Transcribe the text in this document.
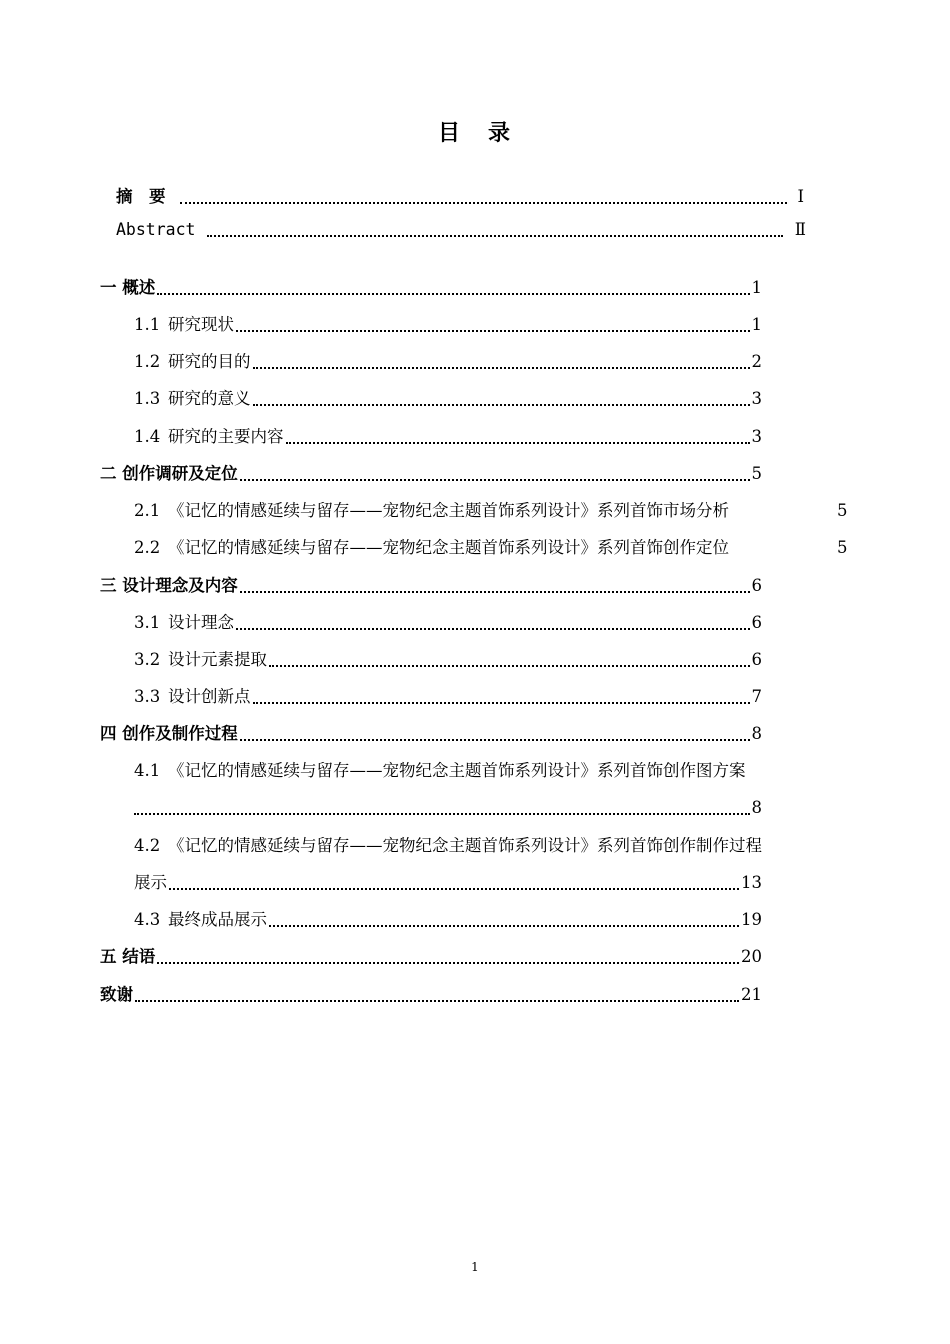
目 录
摘　要	Ⅰ
Abstract	Ⅱ
一 概述	1
1.1 研究现状	1
1.2 研究的目的	2
1.3 研究的意义	3
1.4 研究的主要内容	3
二 创作调研及定位	5
2.1 《记忆的情感延续与留存——宠物纪念主题首饰系列设计》系列首饰市场分析	5
2.2 《记忆的情感延续与留存——宠物纪念主题首饰系列设计》系列首饰创作定位	5
三 设计理念及内容	6
3.1 设计理念	6
3.2 设计元素提取	6
3.3 设计创新点	7
四 创作及制作过程	8
4.1 《记忆的情感延续与留存——宠物纪念主题首饰系列设计》系列首饰创作图方案
8
4.2 《记忆的情感延续与留存——宠物纪念主题首饰系列设计》系列首饰创作制作过程
展示	13
4.3 最终成品展示	19
五 结语	20
致谢	21
1
